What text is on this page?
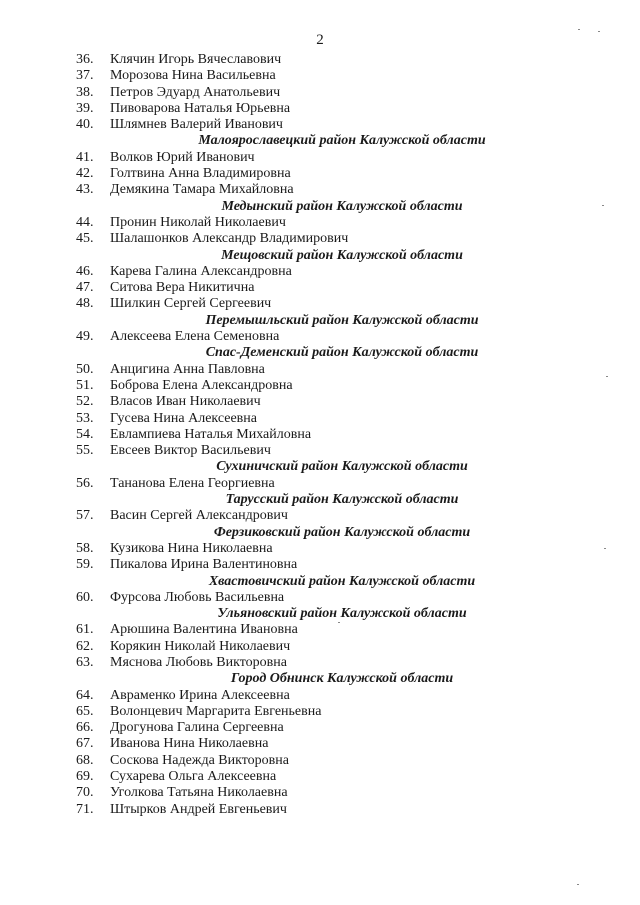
2
36.	Клячин Игорь Вячеславович
37.	Морозова Нина Васильевна
38.	Петров Эдуард Анатольевич
39.	Пивоварова Наталья Юрьевна
40.	Шлямнев Валерий Иванович
Малоярославецкий район Калужской области
41.	Волков Юрий Иванович
42.	Голтвина Анна Владимировна
43.	Демякина Тамара Михайловна
Медынский район Калужской области
44.	Пронин Николай Николаевич
45.	Шалашонков Александр Владимирович
Мещовский район Калужской области
46.	Карева Галина Александровна
47.	Ситова Вера Никитична
48.	Шилкин Сергей Сергеевич
Перемышльский район Калужской области
49.	Алексеева Елена Семеновна
Спас-Деменский район Калужской области
50.	Анцигина Анна Павловна
51.	Боброва Елена Александровна
52.	Власов Иван Николаевич
53.	Гусева Нина Алексеевна
54.	Евлампиева Наталья Михайловна
55.	Евсеев Виктор Васильевич
Сухиничский район Калужской области
56.	Тананова Елена Георгиевна
Тарусский район Калужской области
57.	Васин Сергей Александрович
Ферзиковский район Калужской области
58.	Кузикова Нина Николаевна
59.	Пикалова Ирина Валентиновна
Хвастовичский район Калужской области
60.	Фурсова Любовь Васильевна
Ульяновский район Калужской области
61.	Арюшина Валентина Ивановна
62.	Корякин Николай Николаевич
63.	Мяснова Любовь Викторовна
Город Обнинск Калужской области
64.	Авраменко Ирина Алексеевна
65.	Волонцевич Маргарита Евгеньевна
66.	Дрогунова Галина Сергеевна
67.	Иванова Нина Николаевна
68.	Соскова Надежда Викторовна
69.	Сухарева Ольга Алексеевна
70.	Уголкова Татьяна Николаевна
71.	Штырков Андрей Евгеньевич
